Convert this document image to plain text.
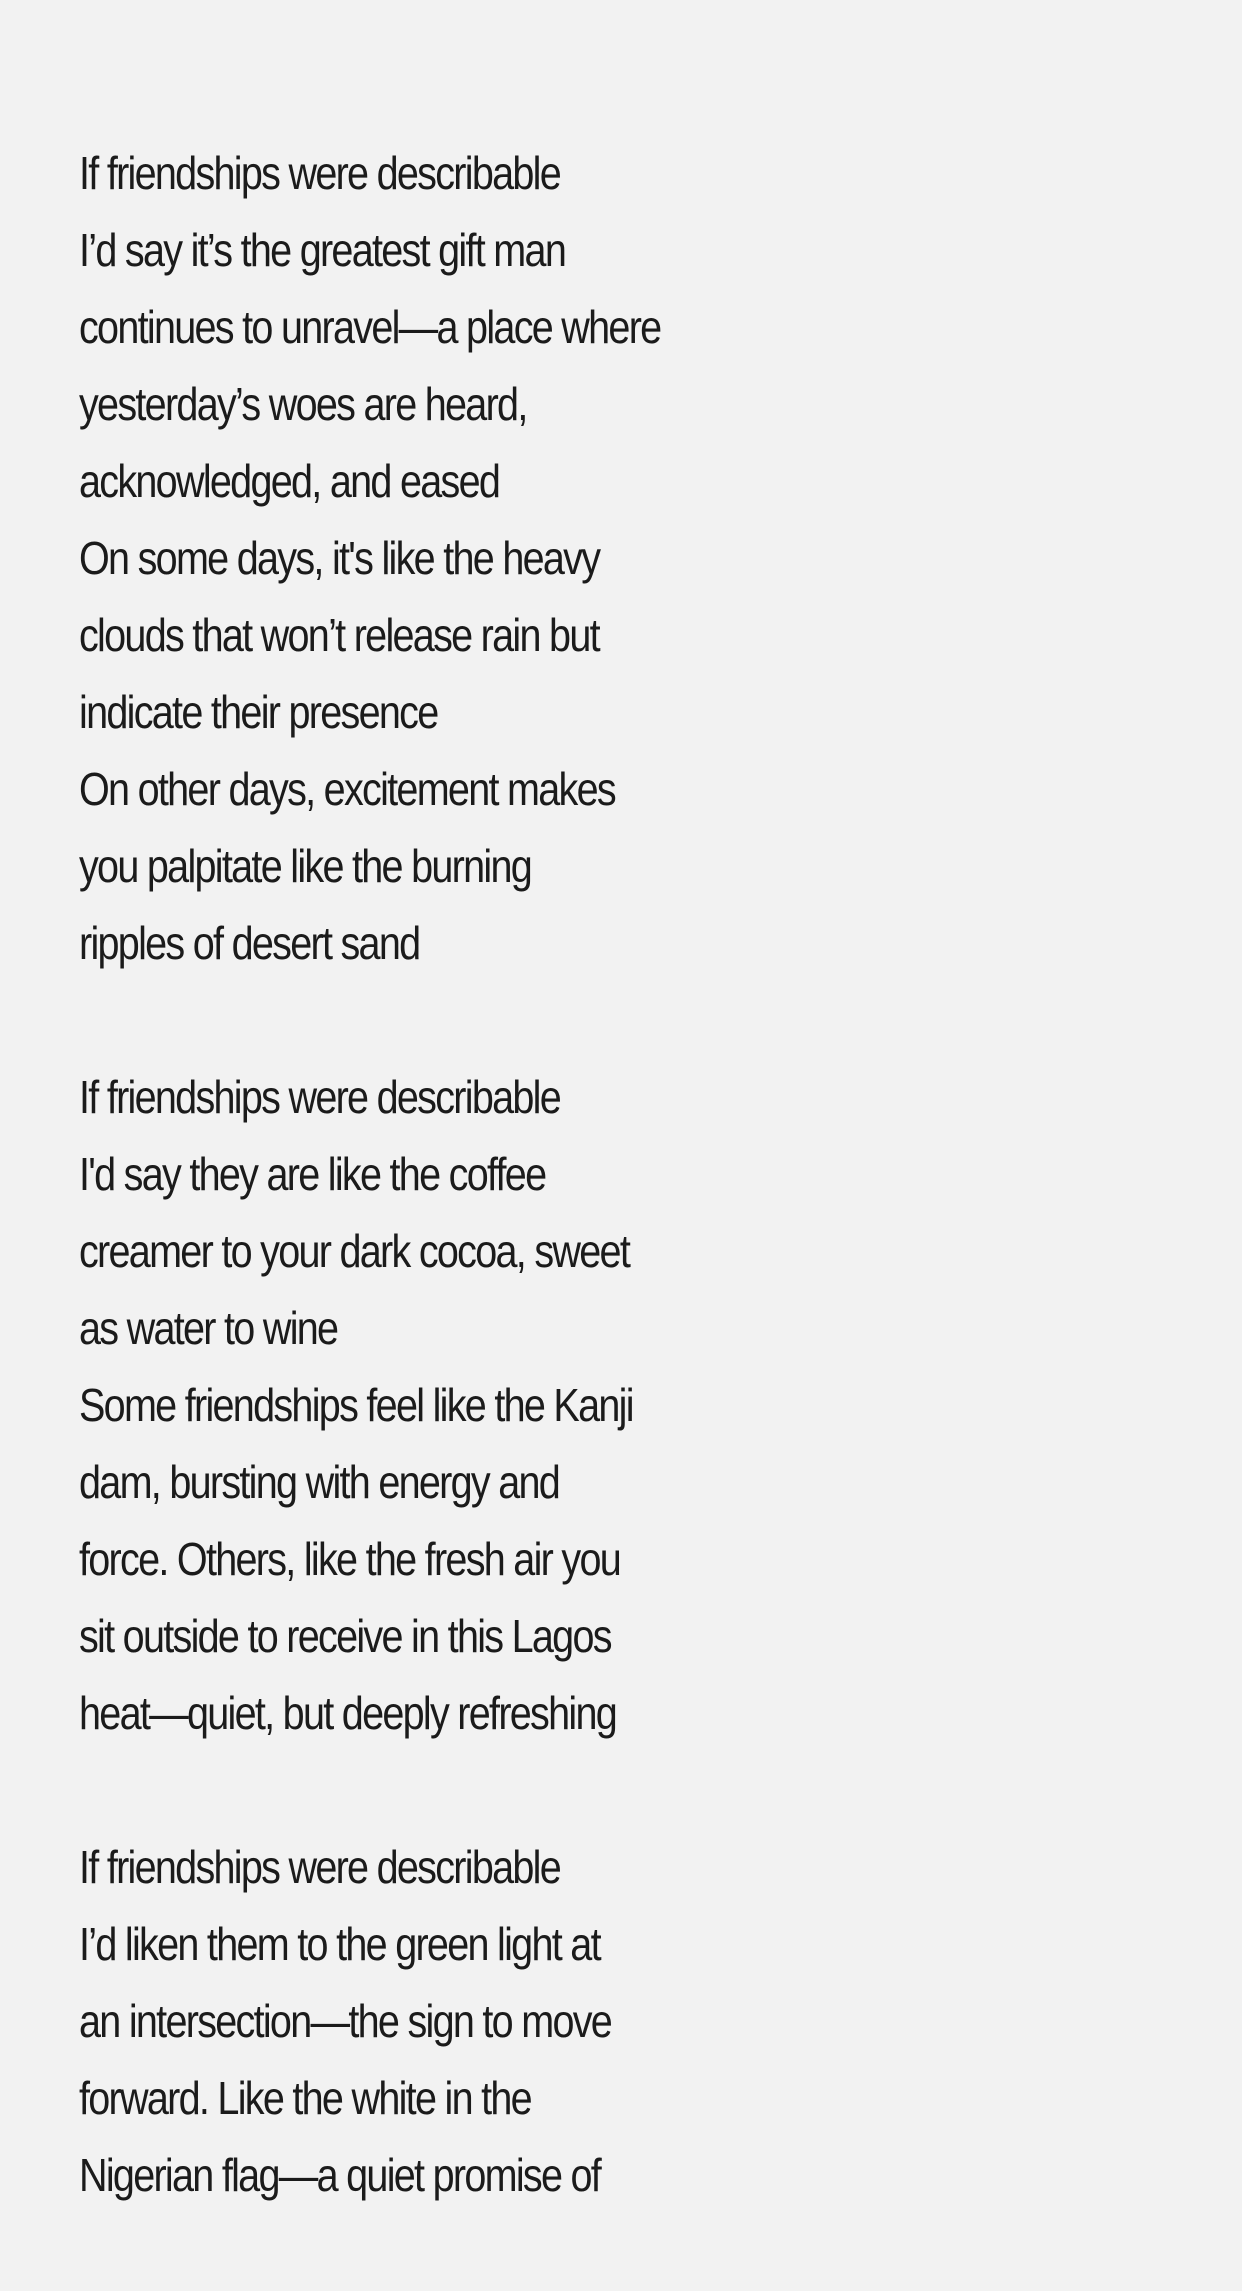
If friendships were describable
I’d say it’s the greatest gift man
continues to unravel—a place where
yesterday’s woes are heard,
acknowledged, and eased
On some days, it's like the heavy
clouds that won’t release rain but
indicate their presence
On other days, excitement makes
you palpitate like the burning
ripples of desert sand
If friendships were describable
I'd say they are like the coffee
creamer to your dark cocoa, sweet
as water to wine
Some friendships feel like the Kanji
dam, bursting with energy and
force. Others, like the fresh air you
sit outside to receive in this Lagos
heat—quiet, but deeply refreshing
If friendships were describable
I’d liken them to the green light at
an intersection—the sign to move
forward. Like the white in the
Nigerian flag—a quiet promise of
